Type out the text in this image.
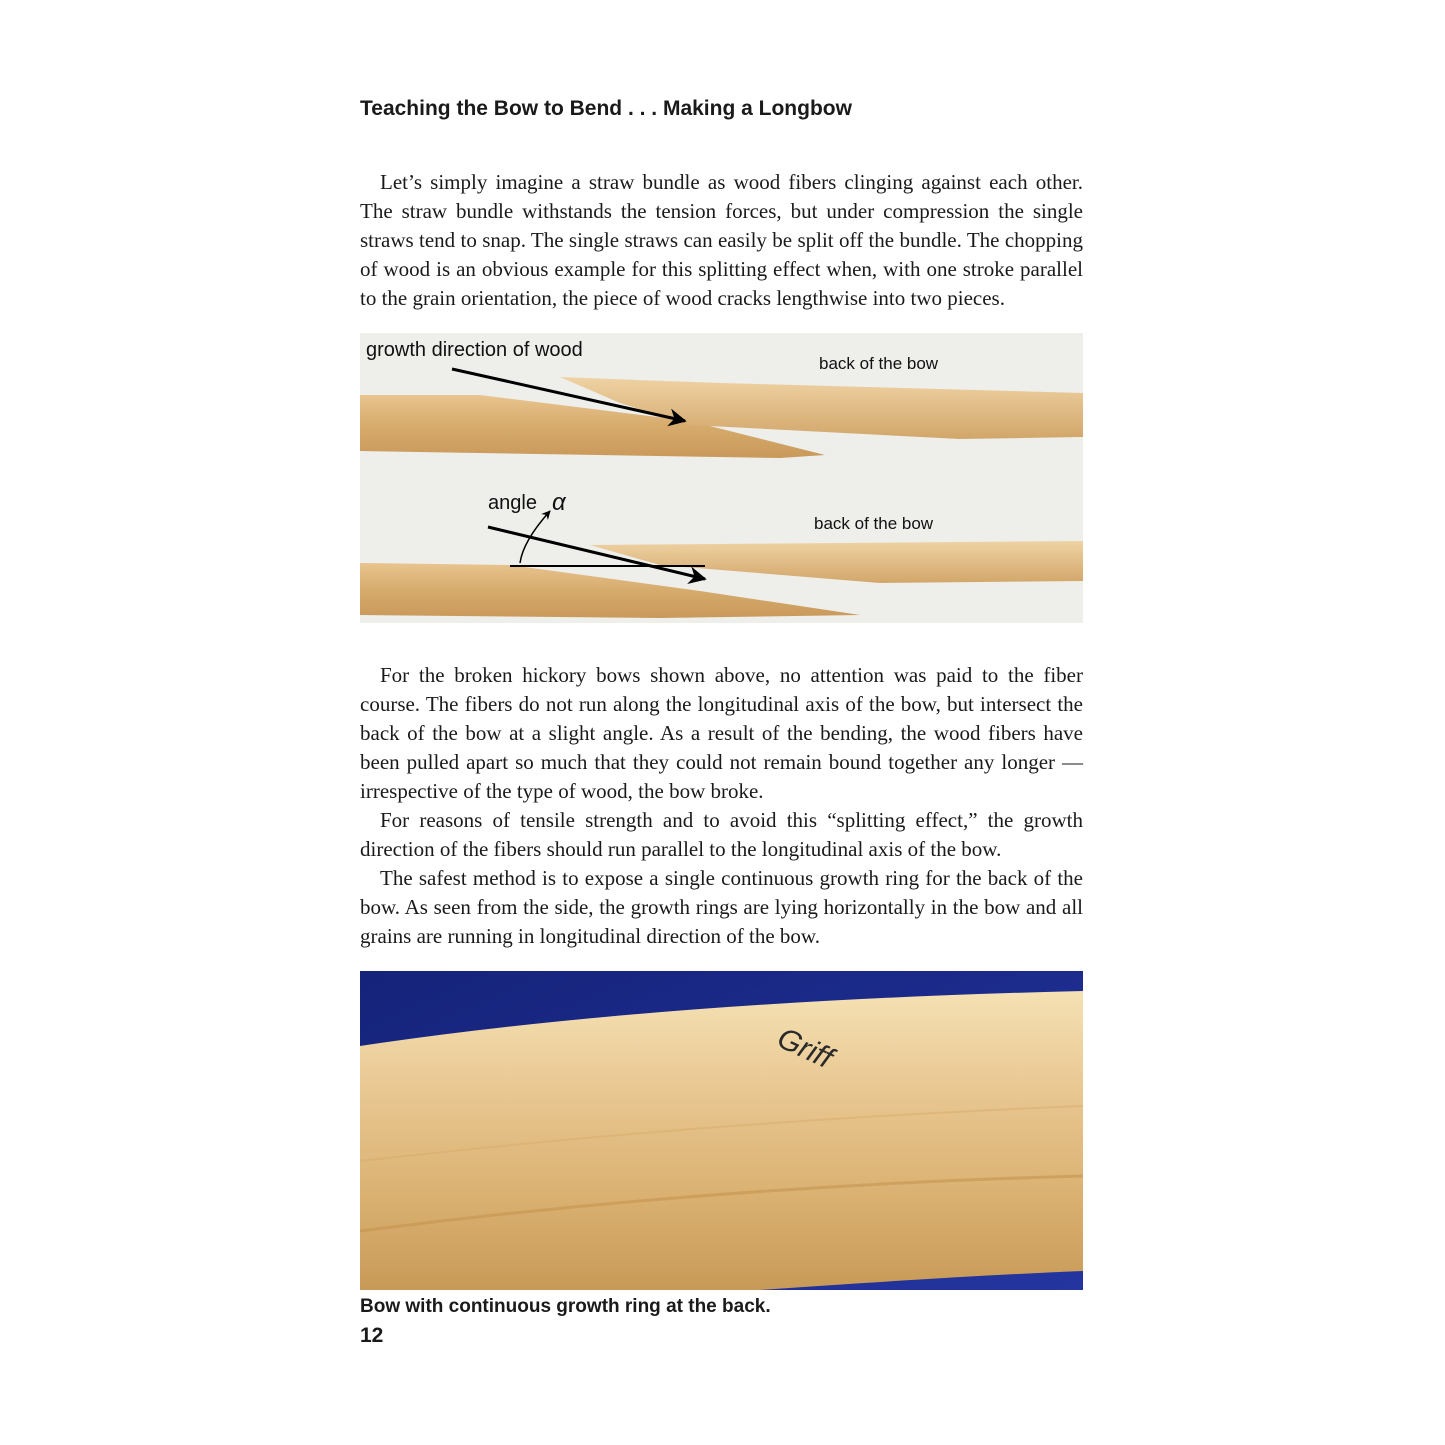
Teaching the Bow to Bend . . . Making a Longbow

Let’s simply imagine a straw bundle as wood fibers clinging against each other. The straw bundle withstands the tension forces, but under compression the single straws tend to snap. The single straws can easily be split off the bundle. The chopping of wood is an obvious example for this splitting effect when, with one stroke parallel to the grain orientation, the piece of wood cracks lengthwise into two pieces.

growth direction of wood
back of the bow
angle α
back of the bow

For the broken hickory bows shown above, no attention was paid to the fiber course. The fibers do not run along the longitudinal axis of the bow, but intersect the back of the bow at a slight angle. As a result of the bending, the wood fibers have been pulled apart so much that they could not remain bound together any longer — irrespective of the type of wood, the bow broke.

For reasons of tensile strength and to avoid this “splitting effect,” the growth direction of the fibers should run parallel to the longitudinal axis of the bow.

The safest method is to expose a single continuous growth ring for the back of the bow. As seen from the side, the growth rings are lying horizontally in the bow and all grains are running in longitudinal direction of the bow.

Griff
Bow with continuous growth ring at the back.
12
